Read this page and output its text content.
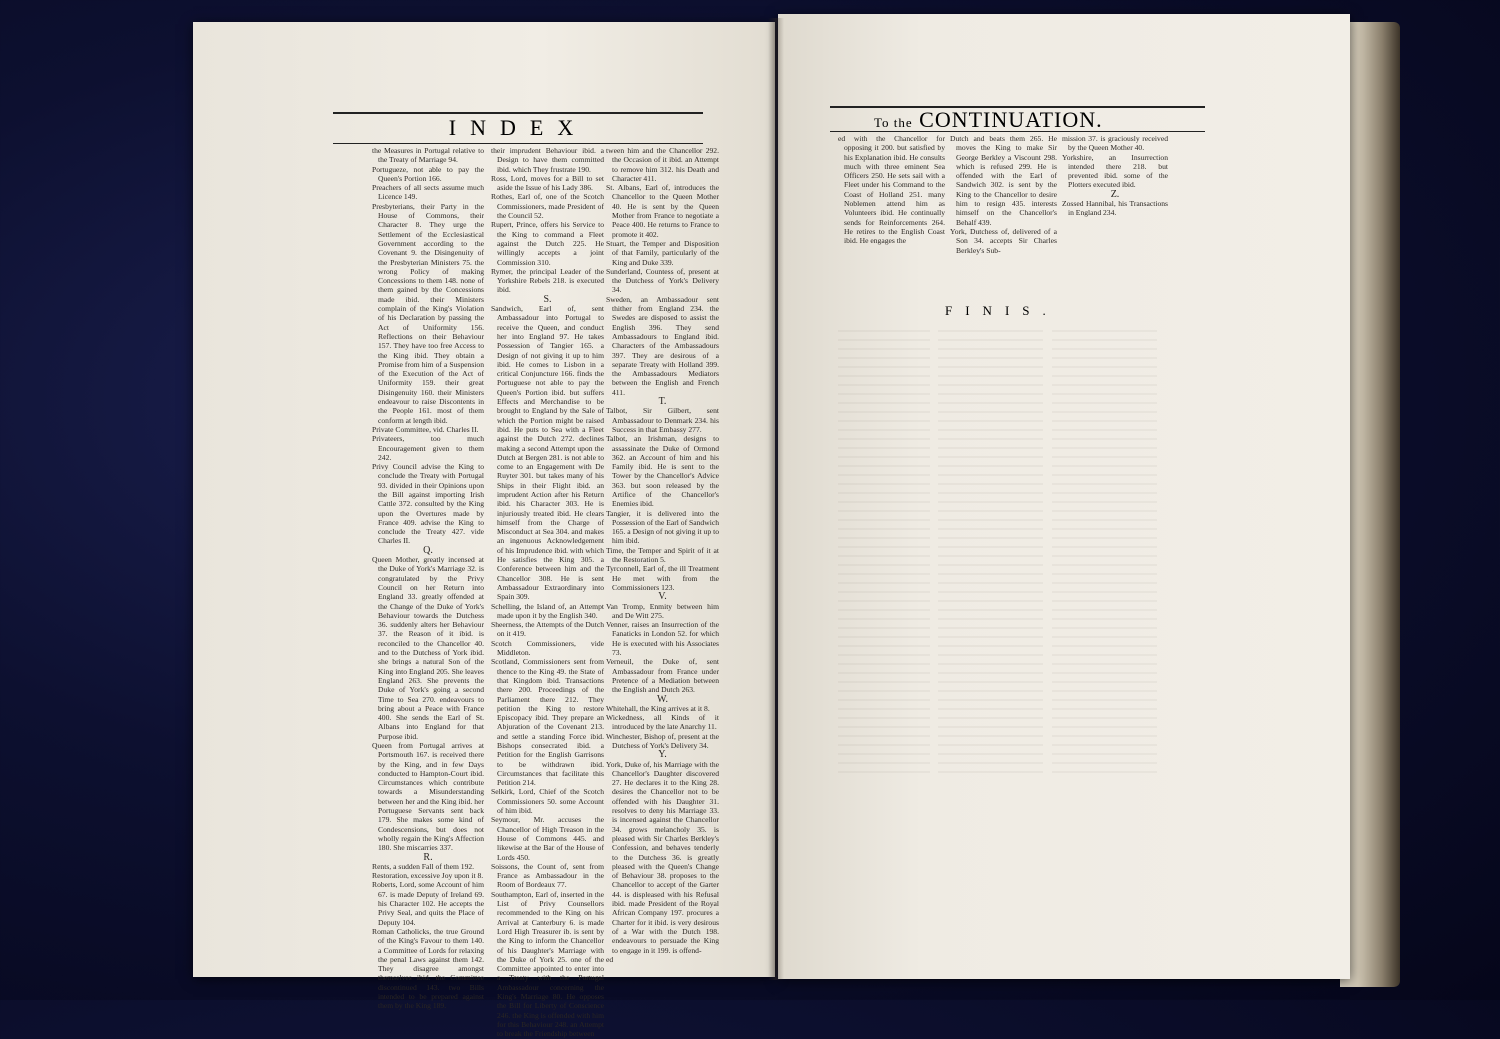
INDEX

the Measures in Portugal relative to the Treaty of Marriage 94.

Portugueze, not able to pay the Queen's Portion 166.

Preachers of all sects assume much Licence 149.

Presbyterians, their Party in the House of Commons, their Character 8. They urge the Settlement of the Ecclesiastical Government according to the Covenant 9. the Disingenuity of the Presbyterian Ministers 75. the wrong Policy of making Concessions to them 148. none of them gained by the Concessions made ibid. their Ministers complain of the King's Violation of his Declaration by passing the Act of Uniformity 156. Reflections on their Behaviour 157. They have too free Access to the King ibid. They obtain a Promise from him of a Suspension of the Execution of the Act of Uniformity 159. their great Disingenuity 160. their Ministers endeavour to raise Discontents in the People 161. most of them conform at length ibid.

Private Committee, vid. Charles II.

Privateers, too much Encouragement given to them 242.

Privy Council advise the King to conclude the Treaty with Portugal 93. divided in their Opinions upon the Bill against importing Irish Cattle 372. consulted by the King upon the Overtures made by France 409. advise the King to conclude the Treaty 427. vide Charles II.

Q.

Queen Mother, greatly incensed at the Duke of York's Marriage 32. is congratulated by the Privy Council on her Return into England 33. greatly offended at the Change of the Duke of York's Behaviour towards the Dutchess 36. suddenly alters her Behaviour 37. the Reason of it ibid. is reconciled to the Chancellor 40. and to the Dutchess of York ibid. she brings a natural Son of the King into England 205. She leaves England 263. She prevents the Duke of York's going a second Time to Sea 270. endeavours to bring about a Peace with France 400. She sends the Earl of St. Albans into England for that Purpose ibid.

Queen from Portugal arrives at Portsmouth 167. is received there by the King, and in few Days conducted to Hampton-Court ibid. Circumstances which contribute towards a Misunderstanding between her and the King ibid. her Portuguese Servants sent back 179. She makes some kind of Condescensions, but does not wholly regain the King's Affection 180. She miscarries 337.

R.

Rents, a sudden Fall of them 192.

Restoration, excessive Joy upon it 8.

Roberts, Lord, some Account of him 67. is made Deputy of Ireland 69. his Character 102. He accepts the Privy Seal, and quits the Place of Deputy 104.

Roman Catholicks, the true Ground of the King's Favour to them 140. a Committee of Lords for relaxing the penal Laws against them 142. They disagree amongst themselves ibid. the Committee discontinued 143. two Bills intended to be prepared against them by the King 189.

their imprudent Behaviour ibid. a Design to have them committed ibid. which They frustrate 190.

Ross, Lord, moves for a Bill to set aside the Issue of his Lady 386.

Rothes, Earl of, one of the Scotch Commissioners, made President of the Council 52.

Rupert, Prince, offers his Service to the King to command a Fleet against the Dutch 225. He willingly accepts a joint Commission 310.

Rymer, the principal Leader of the Yorkshire Rebels 218. is executed ibid.

S.

Sandwich, Earl of, sent Ambassadour into Portugal to receive the Queen, and conduct her into England 97. He takes Possession of Tangier 165. a Design of not giving it up to him ibid. He comes to Lisbon in a critical Conjuncture 166. finds the Portuguese not able to pay the Queen's Portion ibid. but suffers Effects and Merchandise to be brought to England by the Sale of which the Portion might be raised ibid. He puts to Sea with a Fleet against the Dutch 272. declines making a second Attempt upon the Dutch at Bergen 281. is not able to come to an Engagement with De Ruyter 301. but takes many of his Ships in their Flight ibid. an imprudent Action after his Return ibid. his Character 303. He is injuriously treated ibid. He clears himself from the Charge of Misconduct at Sea 304. and makes an ingenuous Acknowledgement of his Imprudence ibid. with which He satisfies the King 305. a Conference between him and the Chancellor 308. He is sent Ambassadour Extraordinary into Spain 309.

Schelling, the Island of, an Attempt made upon it by the English 340.

Sheerness, the Attempts of the Dutch on it 419.

Scotch Commissioners, vide Middleton.

Scotland, Commissioners sent from thence to the King 49. the State of that Kingdom ibid. Transactions there 200. Proceedings of the Parliament there 212. They petition the King to restore Episcopacy ibid. They prepare an Abjuration of the Covenant 213. and settle a standing Force ibid. Bishops consecrated ibid. a Petition for the English Garrisons to be withdrawn ibid. Circumstances that facilitate this Petition 214.

Selkirk, Lord, Chief of the Scotch Commissioners 50. some Account of him ibid.

Seymour, Mr. accuses the Chancellor of High Treason in the House of Commons 445. and likewise at the Bar of the House of Lords 450.

Soissons, the Count of, sent from France as Ambassadour in the Room of Bordeaux 77.

Southampton, Earl of, inserted in the List of Privy Counsellors recommended to the King on his Arrival at Canterbury 6. is made Lord High Treasurer ib. is sent by the King to inform the Chancellor of his Daughter's Marriage with the Duke of York 25. one of the Committee appointed to enter into a Treaty with the Portugal Ambassadour concerning the King's Marriage 80. He opposes the Bill for Liberty of Conscience 246. the King is offended with him for this Behaviour 248. an Attempt to break the Friendship between

tween him and the Chancellor 292. the Occasion of it ibid. an Attempt to remove him 312. his Death and Character 411.

St. Albans, Earl of, introduces the Chancellor to the Queen Mother 40. He is sent by the Queen Mother from France to negotiate a Peace 400. He returns to France to promote it 402.

Stuart, the Temper and Disposition of that Family, particularly of the King and Duke 339.

Sunderland, Countess of, present at the Dutchess of York's Delivery 34.

Sweden, an Ambassadour sent thither from England 234. the Swedes are disposed to assist the English 396. They send Ambassadours to England ibid. Characters of the Ambassadours 397. They are desirous of a separate Treaty with Holland 399. the Ambassadours Mediators between the English and French 411.

T.

Talbot, Sir Gilbert, sent Ambassadour to Denmark 234. his Success in that Embassy 277.

Talbot, an Irishman, designs to assassinate the Duke of Ormond 362. an Account of him and his Family ibid. He is sent to the Tower by the Chancellor's Advice 363. but soon released by the Artifice of the Chancellor's Enemies ibid.

Tangier, it is delivered into the Possession of the Earl of Sandwich 165. a Design of not giving it up to him ibid.

Time, the Temper and Spirit of it at the Restoration 5.

Tyrconnell, Earl of, the ill Treatment He met with from the Commissioners 123.

V.

Van Tromp, Enmity between him and De Witt 275.

Venner, raises an Insurrection of the Fanaticks in London 52. for which He is executed with his Associates 73.

Verneuil, the Duke of, sent Ambassadour from France under Pretence of a Mediation between the English and Dutch 263.

W.

Whitehall, the King arrives at it 8.

Wickedness, all Kinds of it introduced by the late Anarchy 11.

Winchester, Bishop of, present at the Dutchess of York's Delivery 34.

Y.

York, Duke of, his Marriage with the Chancellor's Daughter discovered 27. He declares it to the King 28. desires the Chancellor not to be offended with his Daughter 31. resolves to deny his Marriage 33. is incensed against the Chancellor 34. grows melancholy 35. is pleased with Sir Charles Berkley's Confession, and behaves tenderly to the Dutchess 36. is greatly pleased with the Queen's Change of Behaviour 38. proposes to the Chancellor to accept of the Garter 44. is displeased with his Refusal ibid. made President of the Royal African Company 197. procures a Charter for it ibid. is very desirous of a War with the Dutch 198. endeavours to persuade the King to engage in it 199. is offend-

ed

To the CONTINUATION.

ed with the Chancellor for opposing it 200. but satisfied by his Explanation ibid. He consults much with three eminent Sea Officers 250. He sets sail with a Fleet under his Command to the Coast of Holland 251. many Noblemen attend him as Volunteers ibid. He continually sends for Reinforcements 264. He retires to the English Coast ibid. He engages the

Dutch and beats them 265. He moves the King to make Sir George Berkley a Viscount 298. which is refused 299. He is offended with the Earl of Sandwich 302. is sent by the King to the Chancellor to desire him to resign 435. interests himself on the Chancellor's Behalf 439.

York, Dutchess of, delivered of a Son 34. accepts Sir Charles Berkley's Sub-

mission 37. is graciously received by the Queen Mother 40.

Yorkshire, an Insurrection intended there 218. but prevented ibid. some of the Plotters executed ibid.

Z.

Zossed Hannibal, his Transactions in England 234.

FINIS.
